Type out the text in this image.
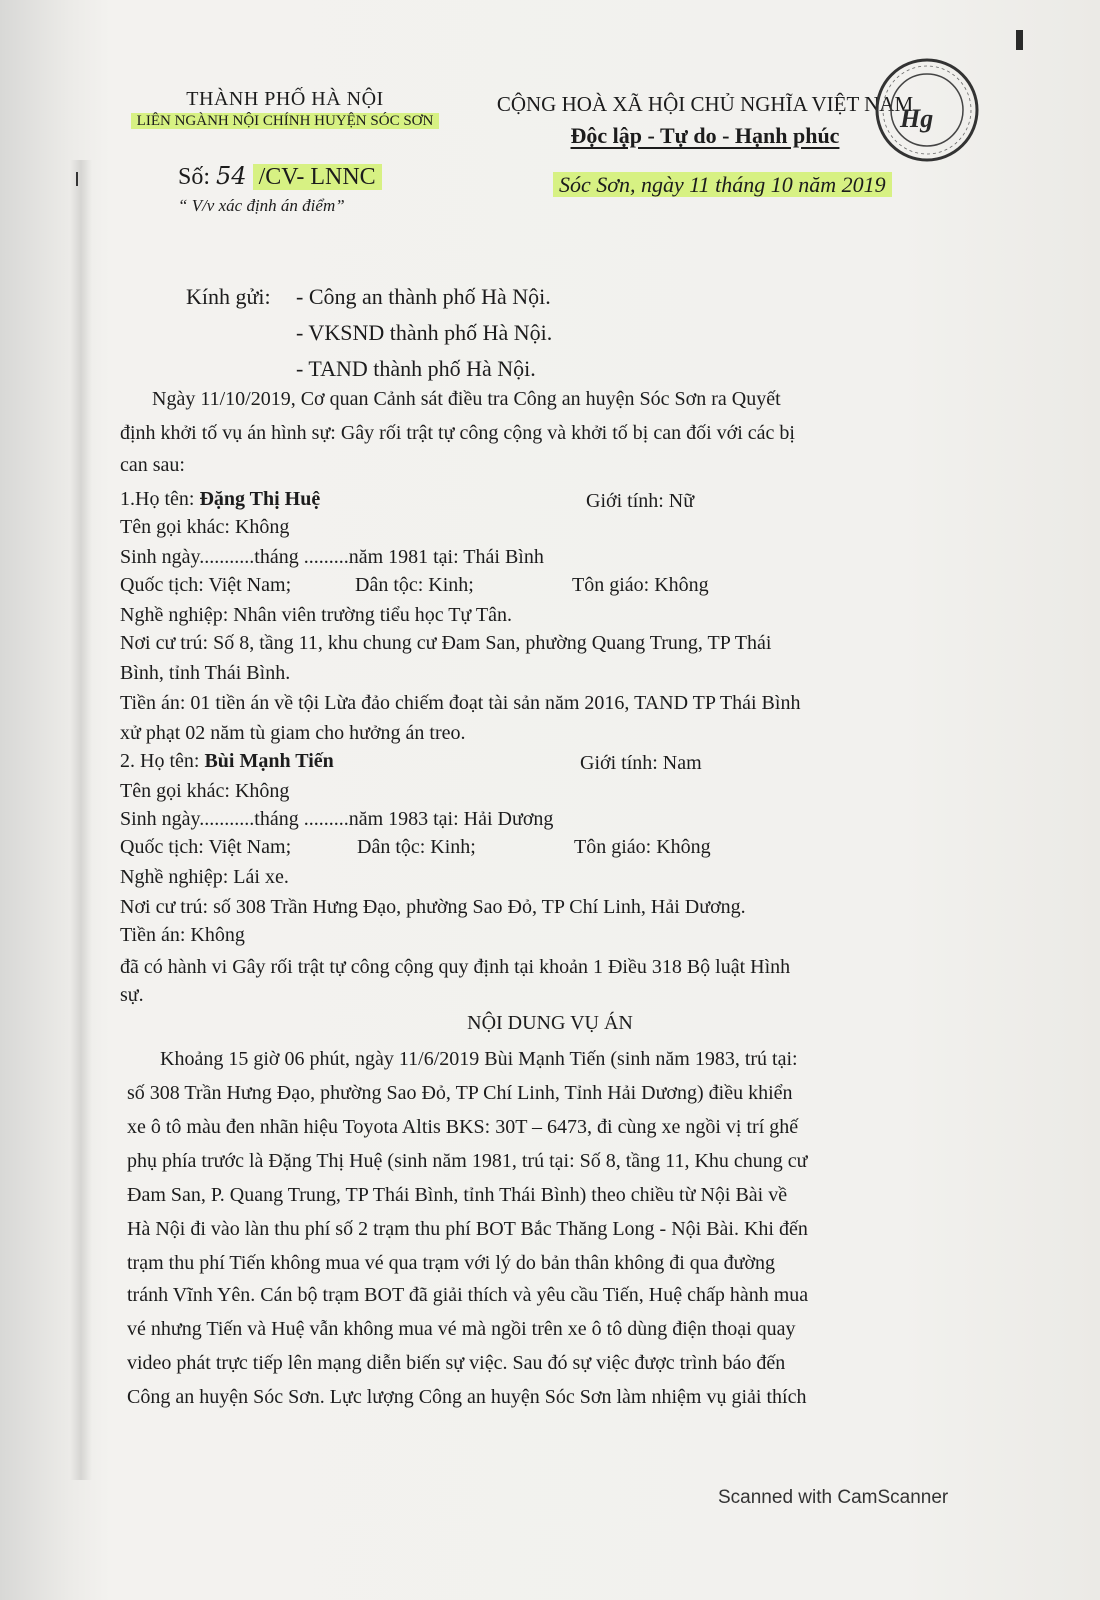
THÀNH PHỐ HÀ NỘI
LIÊN NGÀNH NỘI CHÍNH HUYỆN SÓC SƠN
Số: 54 /CV- LNNC
“ V/v xác định án điểm”
CỘNG HOÀ XÃ HỘI CHỦ NGHĨA VIỆT NAM
Độc lập - Tự do - Hạnh phúc
Sóc Sơn, ngày 11 tháng 10 năm 2019
Hg
Kính gửi: - Công an thành phố Hà Nội.
- VKSND thành phố Hà Nội.
- TAND thành phố Hà Nội.
Ngày 11/10/2019, Cơ quan Cảnh sát điều tra Công an huyện Sóc Sơn ra Quyết
định khởi tố vụ án hình sự: Gây rối trật tự công cộng và khởi tố bị can đối với các bị
can sau:
1.Họ tên: Đặng Thị Huệ	Giới tính: Nữ
Tên gọi khác: Không
Sinh ngày...........tháng .........năm 1981 tại: Thái Bình
Quốc tịch: Việt Nam;	Dân tộc: Kinh;	Tôn giáo: Không
Nghề nghiệp: Nhân viên trường tiểu học Tự Tân.
Nơi cư trú: Số 8, tầng 11, khu chung cư Đam San, phường Quang Trung, TP Thái
Bình, tỉnh Thái Bình.
Tiền án: 01 tiền án về tội Lừa đảo chiếm đoạt tài sản năm 2016, TAND TP Thái Bình
xử phạt 02 năm tù giam cho hưởng án treo.
2. Họ tên: Bùi Mạnh Tiến	Giới tính: Nam
Tên gọi khác: Không
Sinh ngày...........tháng .........năm 1983 tại: Hải Dương
Quốc tịch: Việt Nam;	Dân tộc: Kinh;	Tôn giáo: Không
Nghề nghiệp: Lái xe.
Nơi cư trú: số 308 Trần Hưng Đạo, phường Sao Đỏ, TP Chí Linh, Hải Dương.
Tiền án: Không
đã có hành vi Gây rối trật tự công cộng quy định tại khoản 1 Điều 318 Bộ luật Hình
sự.
NỘI DUNG VỤ ÁN
Khoảng 15 giờ 06 phút, ngày 11/6/2019 Bùi Mạnh Tiến (sinh năm 1983, trú tại:
số 308 Trần Hưng Đạo, phường Sao Đỏ, TP Chí Linh, Tỉnh Hải Dương) điều khiển
xe ô tô màu đen nhãn hiệu Toyota Altis BKS: 30T – 6473, đi cùng xe ngồi vị trí ghế
phụ phía trước là Đặng Thị Huệ (sinh năm 1981, trú tại: Số 8, tầng 11, Khu chung cư
Đam San, P. Quang Trung, TP Thái Bình, tỉnh Thái Bình) theo chiều từ Nội Bài về
Hà Nội đi vào làn thu phí số 2 trạm thu phí BOT Bắc Thăng Long - Nội Bài. Khi đến
trạm thu phí Tiến không mua vé qua trạm với lý do bản thân không đi qua đường
tránh Vĩnh Yên. Cán bộ trạm BOT đã giải thích và yêu cầu Tiến, Huệ chấp hành mua
vé nhưng Tiến và Huệ vẫn không mua vé mà ngồi trên xe ô tô dùng điện thoại quay
video phát trực tiếp lên mạng diễn biến sự việc. Sau đó sự việc được trình báo đến
Công an huyện Sóc Sơn. Lực lượng Công an huyện Sóc Sơn làm nhiệm vụ giải thích
Scanned with CamScanner
